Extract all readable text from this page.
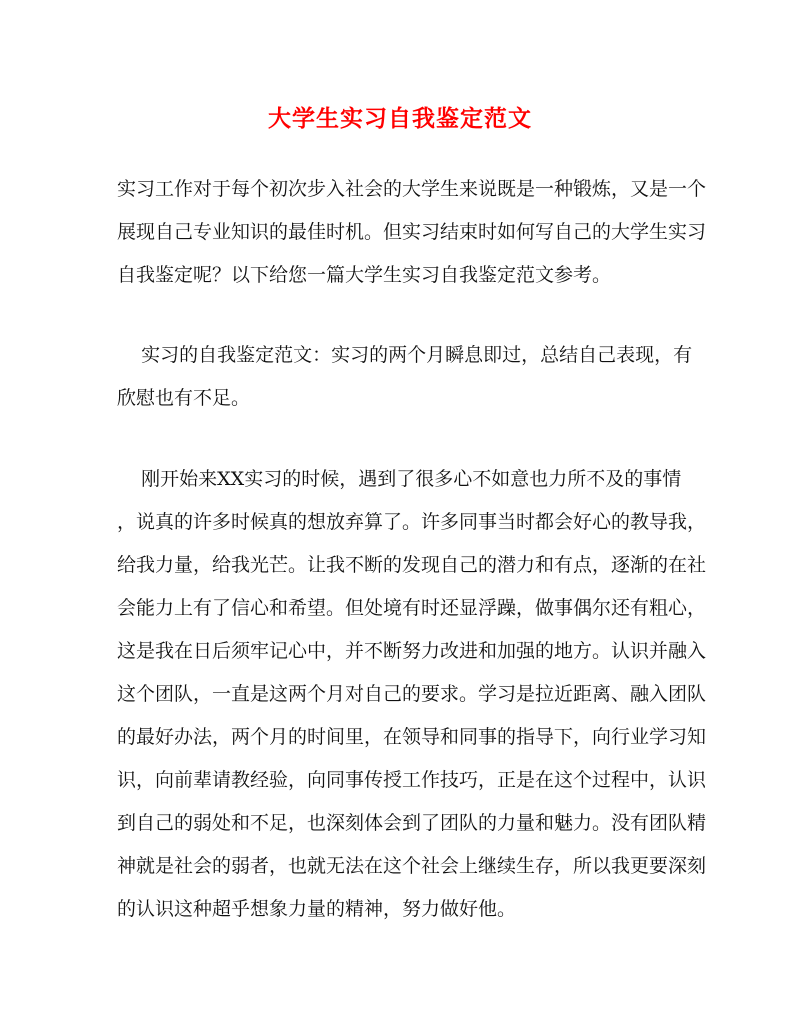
大学生实习自我鉴定范文

实习工作对于每个初次步入社会的大学生来说既是一种锻炼，又是一个

展现自己专业知识的最佳时机。但实习结束时如何写自己的大学生实习

自我鉴定呢？以下给您一篇大学生实习自我鉴定范文参考。

实习的自我鉴定范文：实习的两个月瞬息即过，总结自己表现，有

欣慰也有不足。

刚开始来XX实习的时候，遇到了很多心不如意也力所不及的事情

，说真的许多时候真的想放弃算了。许多同事当时都会好心的教导我，

给我力量，给我光芒。让我不断的发现自己的潜力和有点，逐渐的在社

会能力上有了信心和希望。但处境有时还显浮躁，做事偶尔还有粗心，

这是我在日后须牢记心中，并不断努力改进和加强的地方。认识并融入

这个团队，一直是这两个月对自己的要求。学习是拉近距离、融入团队

的最好办法，两个月的时间里，在领导和同事的指导下，向行业学习知

识，向前辈请教经验，向同事传授工作技巧，正是在这个过程中，认识

到自己的弱处和不足，也深刻体会到了团队的力量和魅力。没有团队精

神就是社会的弱者，也就无法在这个社会上继续生存，所以我更要深刻

的认识这种超乎想象力量的精神，努力做好他。
